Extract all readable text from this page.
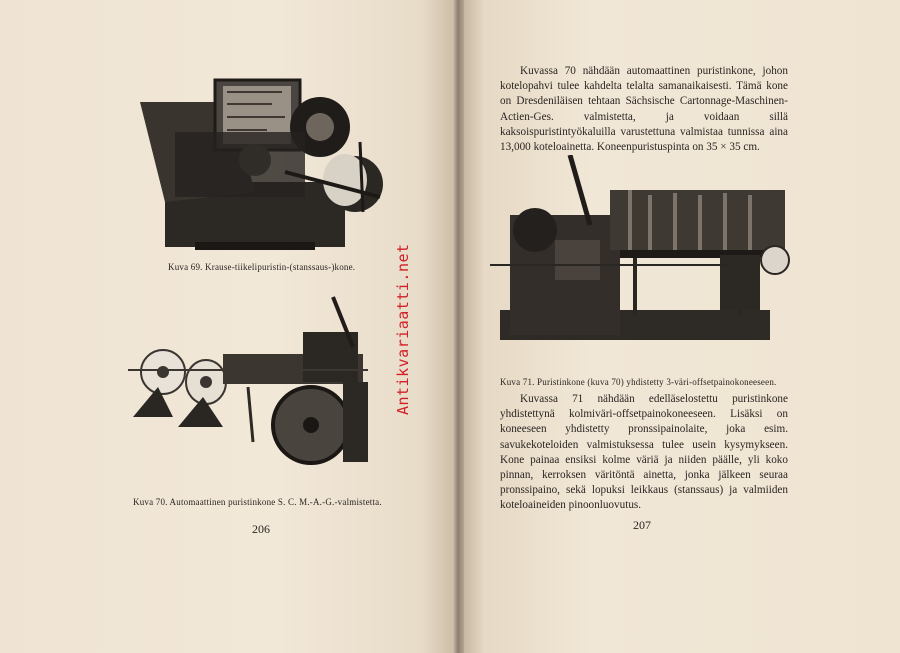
Kuva 69. Krause-tiikelipuristin-(stanssaus-)kone.
Kuva 70. Automaattinen puristinkone S. C. M.-A.-G.-valmistetta.
206
Antikvariaatti.net

Kuvassa 70 nähdään automaattinen puristinkone, johon kotelopahvi tulee kahdelta telalta samanaikaisesti. Tämä kone on Dresdeniläisen tehtaan Sächsische Cartonnage-Maschinen-Actien-Ges. valmistetta, ja voidaan sillä kaksoispuristintyökaluilla varustettuna valmistaa tunnissa aina 13,000 koteloainetta. Koneenpuristuspinta on 35 × 35 cm.

Kuva 71. Puristinkone (kuva 70) yhdistetty 3-väri-offsetpainokoneeseen.

Kuvassa 71 nähdään edelläselostettu puristinkone yhdistettynä kolmiväri-offsetpainokoneeseen. Lisäksi on koneeseen yhdistetty pronssipainolaite, joka esim. savukekoteloiden valmistuksessa tulee usein kysymykseen. Kone painaa ensiksi kolme väriä ja niiden päälle, yli koko pinnan, kerroksen väritöntä ainetta, jonka jälkeen seuraa pronssipaino, sekä lopuksi leikkaus (stanssaus) ja valmiiden koteloaineiden pinoonluovutus.

207
